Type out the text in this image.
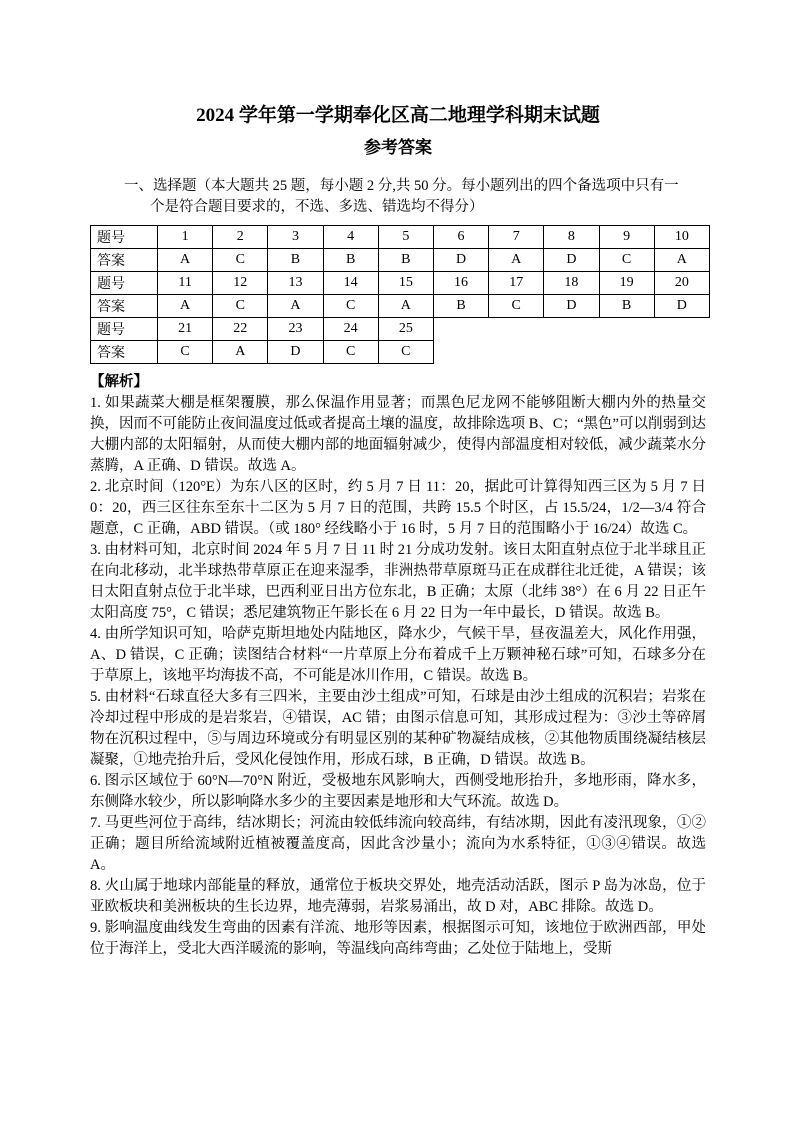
2024 学年第一学期奉化区高二地理学科期末试题
参考答案

一、选择题（本大题共 25 题，每小题 2 分,共 50 分。每小题列出的四个备选项中只有一

个是符合题目要求的，不选、多选、错选均不得分）

题号	1	2	3	4	5	6	7	8	9	10
答案	A	C	B	B	B	D	A	D	C	A
题号	11	12	13	14	15	16	17	18	19	20
答案	A	C	A	C	A	B	C	D	B	D
题号	21	22	23	24	25					
答案	C	A	D	C	C					

【解析】

1. 如果蔬菜大棚是框架覆膜，那么保温作用显著；而黑色尼龙网不能够阻断大棚内外的热量交换，因而不可能防止夜间温度过低或者提高土壤的温度，故排除选项 B、C；“黑色”可以削弱到达大棚内部的太阳辐射，从而使大棚内部的地面辐射减少，使得内部温度相对较低，减少蔬菜水分蒸腾，A 正确、D 错误。故选 A。

2. 北京时间（120°E）为东八区的区时，约 5 月 7 日 11：20，据此可计算得知西三区为 5 月 7 日 0：20，西三区往东至东十二区为 5 月 7 日的范围，共跨 15.5 个时区，占 15.5/24，1/2—3/4 符合题意，C 正确，ABD 错误。（或 180° 经线略小于 16 时，5 月 7 日的范围略小于 16/24）故选 C。

3. 由材料可知，北京时间 2024 年 5 月 7 日 11 时 21 分成功发射。该日太阳直射点位于北半球且正在向北移动，北半球热带草原正在迎来湿季，非洲热带草原斑马正在成群往北迁徙，A 错误；该日太阳直射点位于北半球，巴西利亚日出方位东北，B 正确；太原（北纬 38°）在 6 月 22 日正午太阳高度 75°，C 错误；悉尼建筑物正午影长在 6 月 22 日为一年中最长，D 错误。故选 B。

4. 由所学知识可知，哈萨克斯坦地处内陆地区，降水少，气候干旱，昼夜温差大，风化作用强，A、D 错误，C 正确；读图结合材料“一片草原上分布着成千上万颗神秘石球”可知，石球多分在于草原上，该地平均海拔不高，不可能是冰川作用，C 错误。故选 B。

5. 由材料“石球直径大多有三四米，主要由沙土组成”可知，石球是由沙土组成的沉积岩；岩浆在冷却过程中形成的是岩浆岩，④错误，AC 错；由图示信息可知，其形成过程为：③沙土等碎屑物在沉积过程中，⑤与周边环境或分有明显区别的某种矿物凝结成核，②其他物质围绕凝结核层凝聚，①地壳抬升后，受风化侵蚀作用，形成石球，B 正确，D 错误。故选 B。

6. 图示区域位于 60°N—70°N 附近，受极地东风影响大，西侧受地形抬升，多地形雨，降水多，东侧降水较少，所以影响降水多少的主要因素是地形和大气环流。故选 D。

7. 马更些河位于高纬，结冰期长；河流由较低纬流向较高纬，有结冰期，因此有凌汛现象，①②正确；题目所给流域附近植被覆盖度高，因此含沙量小；流向为水系特征，①③④错误。故选 A。

8. 火山属于地球内部能量的释放，通常位于板块交界处，地壳活动活跃，图示 P 岛为冰岛，位于亚欧板块和美洲板块的生长边界，地壳薄弱，岩浆易涌出，故 D 对，ABC 排除。故选 D。

9. 影响温度曲线发生弯曲的因素有洋流、地形等因素，根据图示可知，该地位于欧洲西部，甲处位于海洋上，受北大西洋暖流的影响，等温线向高纬弯曲；乙处位于陆地上，受斯
